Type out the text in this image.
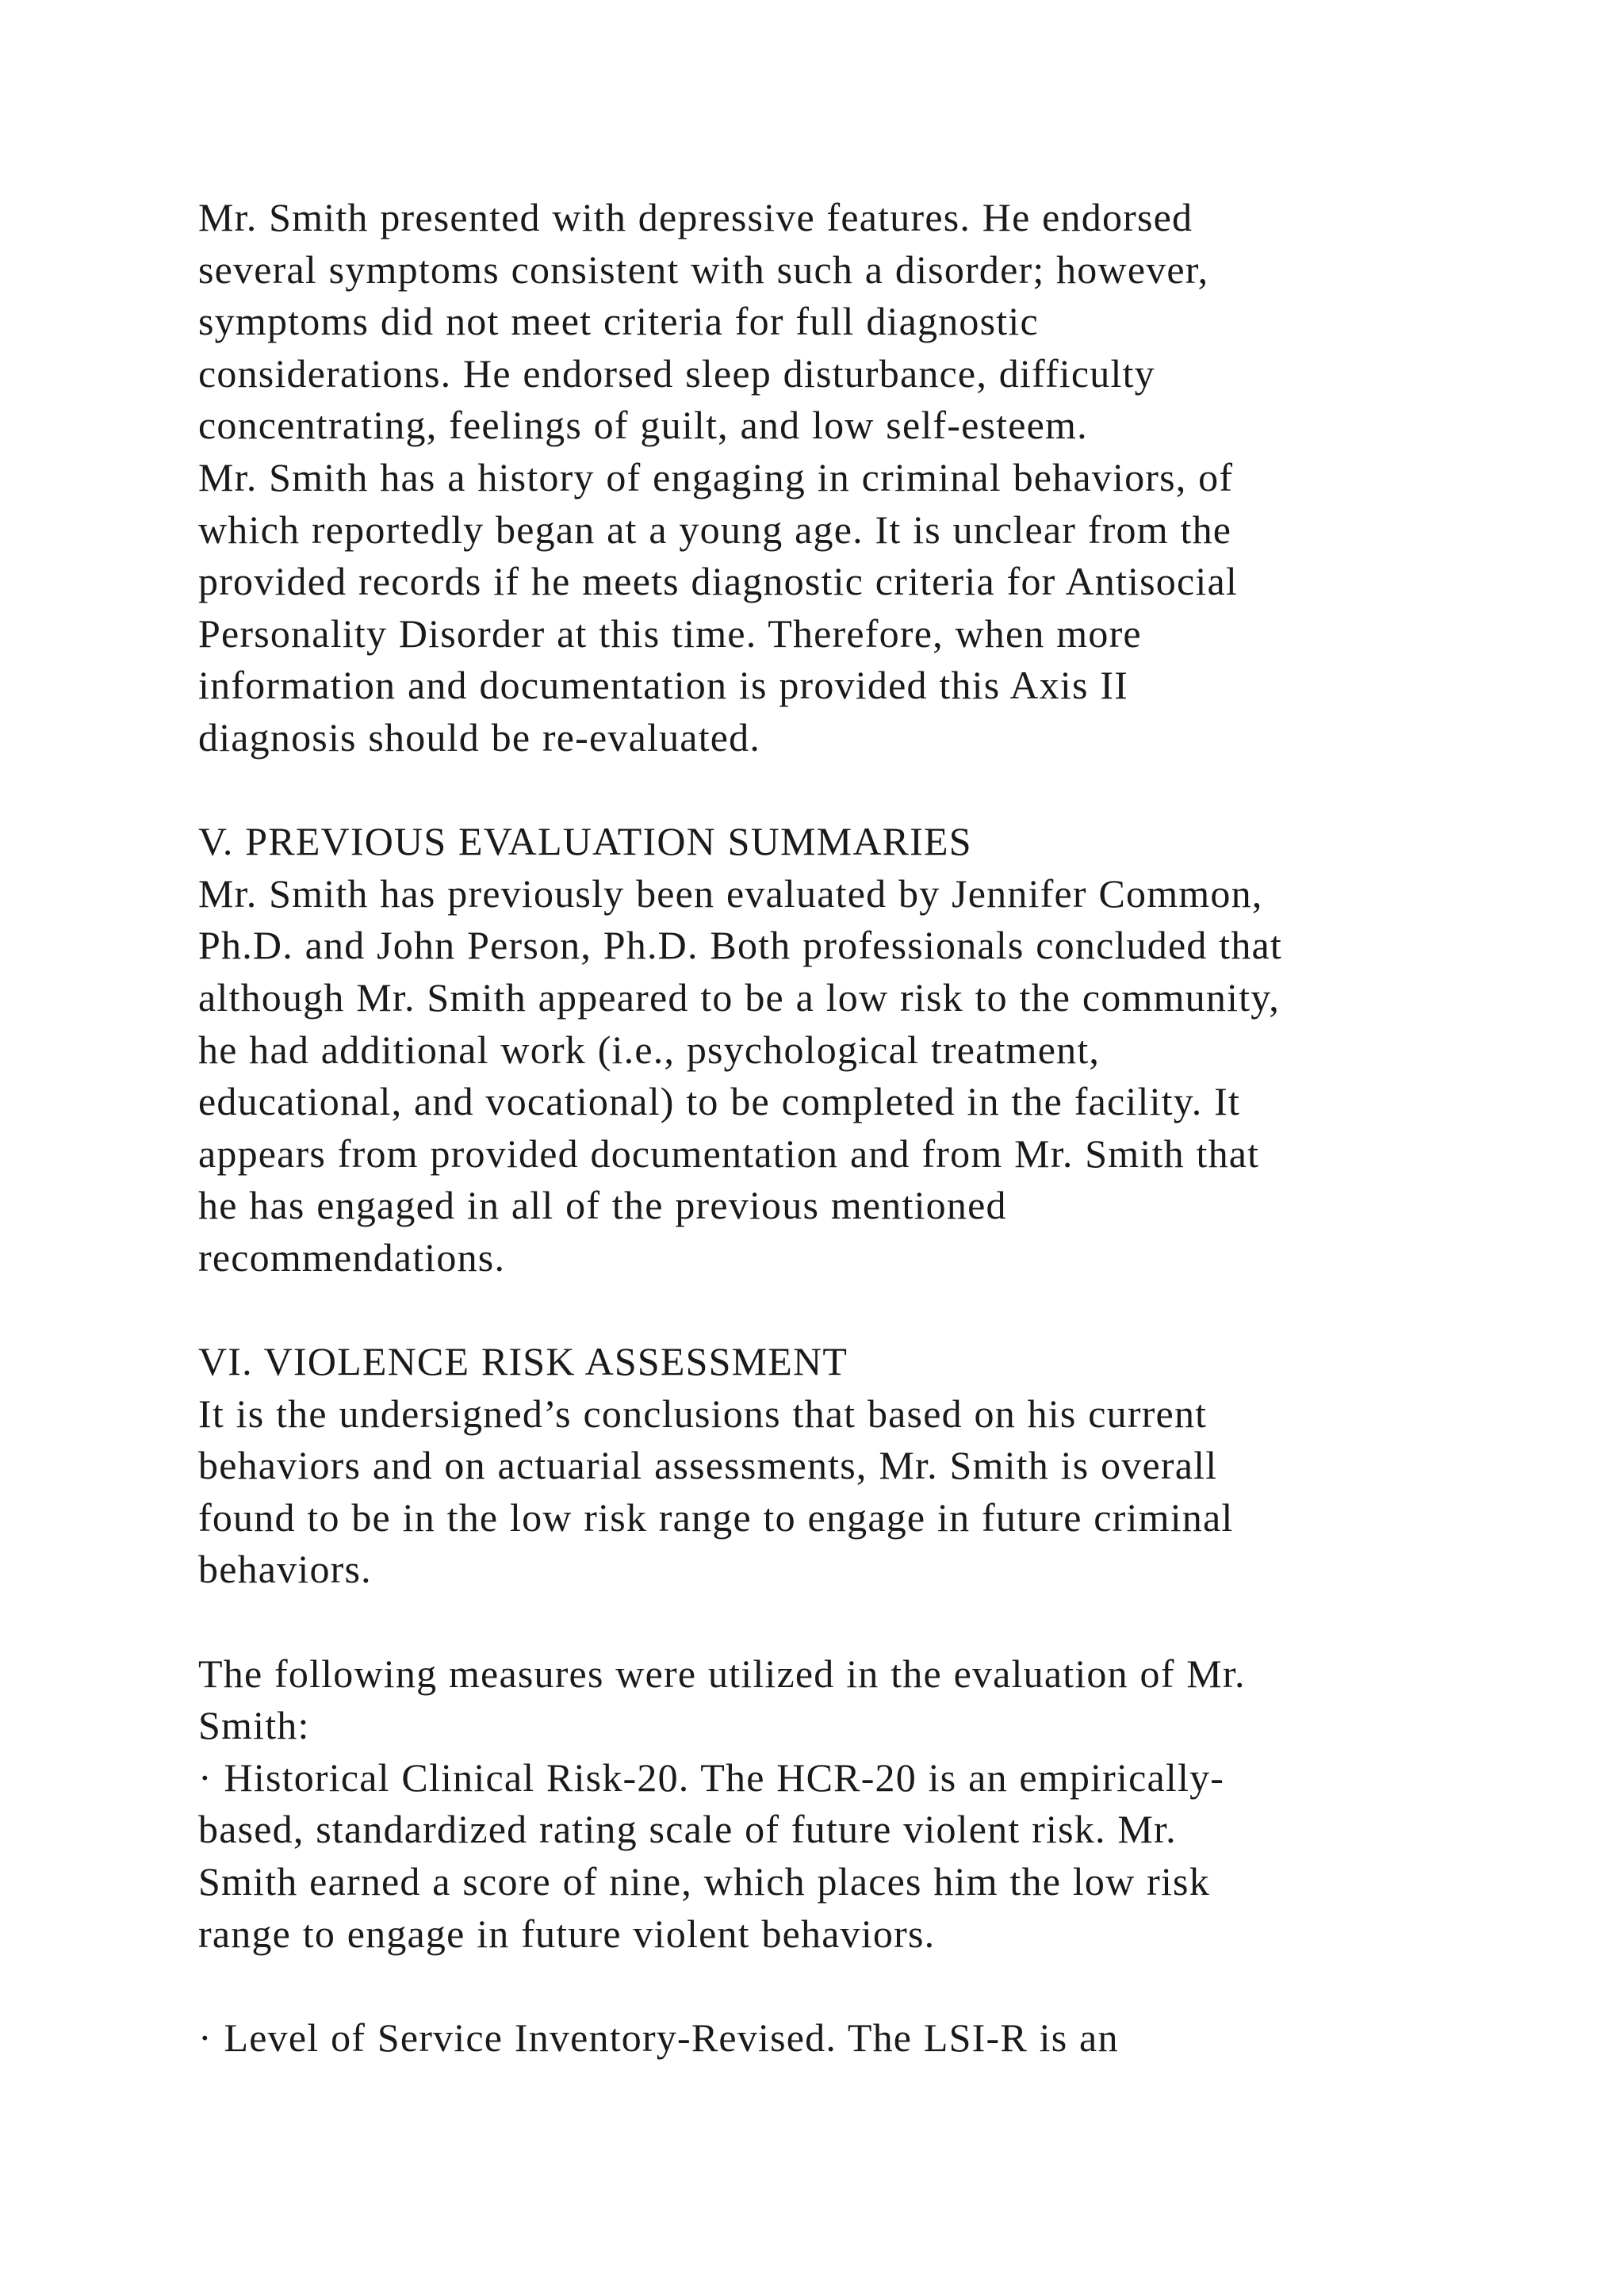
Mr. Smith presented with depressive features. He endorsed
several symptoms consistent with such a disorder; however,
symptoms did not meet criteria for full diagnostic
considerations. He endorsed sleep disturbance, difficulty
concentrating, feelings of guilt, and low self-esteem.
Mr. Smith has a history of engaging in criminal behaviors, of
which reportedly began at a young age. It is unclear from the
provided records if he meets diagnostic criteria for Antisocial
Personality Disorder at this time. Therefore, when more
information and documentation is provided this Axis II
diagnosis should be re-evaluated.
V. PREVIOUS EVALUATION SUMMARIES
Mr. Smith has previously been evaluated by Jennifer Common,
Ph.D. and John Person, Ph.D. Both professionals concluded that
although Mr. Smith appeared to be a low risk to the community,
he had additional work (i.e., psychological treatment,
educational, and vocational) to be completed in the facility. It
appears from provided documentation and from Mr. Smith that
he has engaged in all of the previous mentioned
recommendations.
VI. VIOLENCE RISK ASSESSMENT
It is the undersigned’s conclusions that based on his current
behaviors and on actuarial assessments, Mr. Smith is overall
found to be in the low risk range to engage in future criminal
behaviors.
The following measures were utilized in the evaluation of Mr.
Smith:
· Historical Clinical Risk-20. The HCR-20 is an empirically-
based, standardized rating scale of future violent risk. Mr.
Smith earned a score of nine, which places him the low risk
range to engage in future violent behaviors.
· Level of Service Inventory-Revised. The LSI-R is an
